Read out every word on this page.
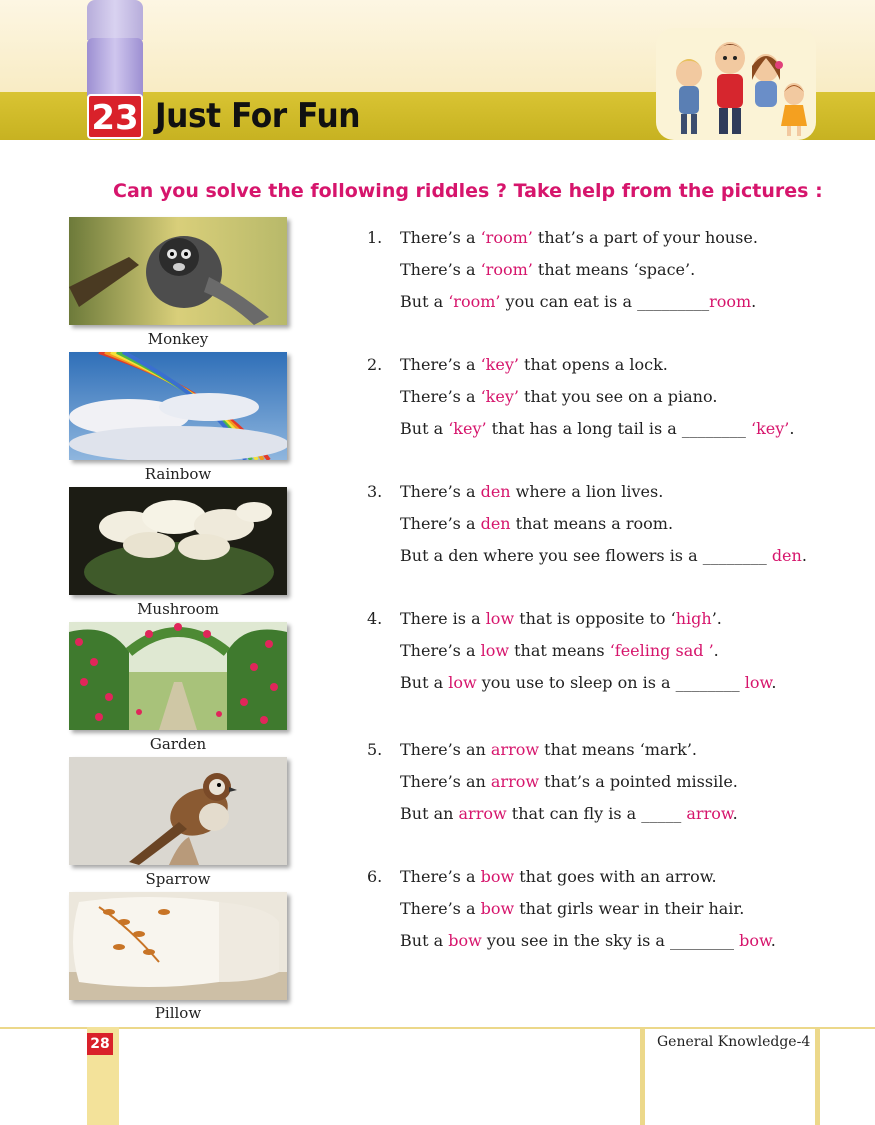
23 Just For Fun
Can you solve the following riddles ? Take help from the pictures :
Monkey
Rainbow
Mushroom
Garden
Sparrow
Pillow
1. There’s a ‘room’ that’s a part of your house.
There’s a ‘room’ that means ‘space’.
But a ‘room’ you can eat is a _________room.
2. There’s a ‘key’ that opens a lock.
There’s a ‘key’ that you see on a piano.
But a ‘key’ that has a long tail is a ________ ‘key’.
3. There’s a den where a lion lives.
There’s a den that means a room.
But a den where you see flowers is a ________ den.
4. There is a low that is opposite to ‘high’.
There’s a low that means ‘feeling sad ’.
But a low you use to sleep on is a ________ low.
5. There’s an arrow that means ‘mark’.
There’s an arrow that’s a pointed missile.
But an arrow that can fly is a _____ arrow.
6. There’s a bow that goes with an arrow.
There’s a bow that girls wear in their hair.
But a bow you see in the sky is a ________ bow.
28	General Knowledge-4
